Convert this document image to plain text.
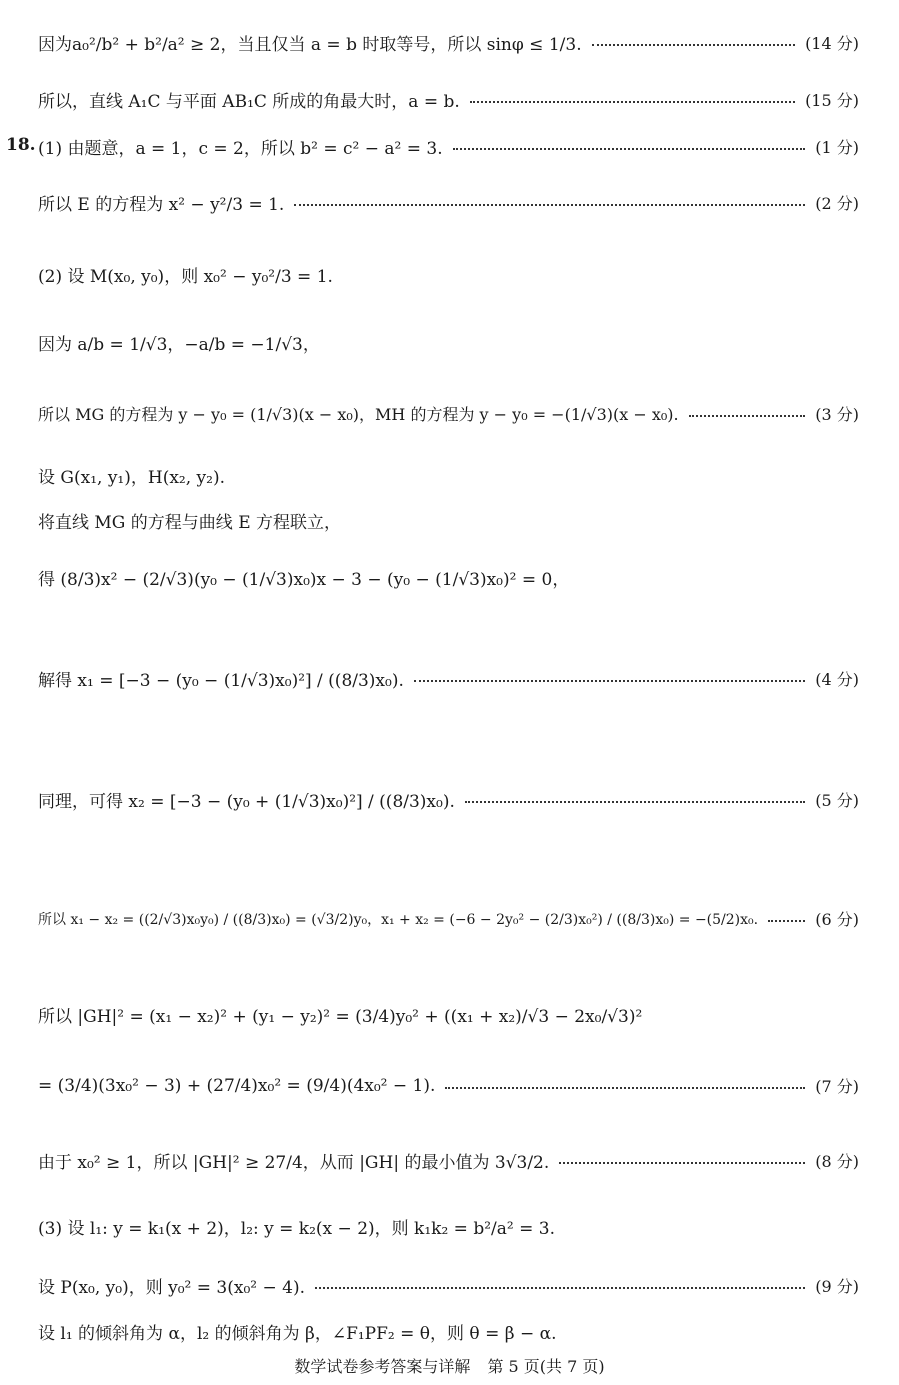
因为a₀²/b² + b²/a² ≥ 2，当且仅当 a = b 时取等号，所以 sinφ ≤ 1/3.	(14 分)
所以，直线 A₁C 与平面 AB₁C 所成的角最大时，a = b.	(15 分)
18. (1) 由题意，a = 1，c = 2，所以 b² = c² − a² = 3.	(1 分)
所以 E 的方程为 x² − y²/3 = 1.	(2 分)
(2) 设 M(x₀, y₀)，则 x₀² − y₀²/3 = 1.
因为 a/b = 1/√3，−a/b = −1/√3，
所以 MG 的方程为 y − y₀ = (1/√3)(x − x₀)，MH 的方程为 y − y₀ = −(1/√3)(x − x₀).	(3 分)
设 G(x₁, y₁)，H(x₂, y₂).
将直线 MG 的方程与曲线 E 方程联立，
得 (8/3)x² − (2/√3)(y₀ − (1/√3)x₀)x − 3 − (y₀ − (1/√3)x₀)² = 0，
解得 x₁ = [−3 − (y₀ − (1/√3)x₀)²] / ((8/3)x₀).	(4 分)
同理，可得 x₂ = [−3 − (y₀ + (1/√3)x₀)²] / ((8/3)x₀).	(5 分)
所以 x₁ − x₂ = ((2/√3)x₀y₀) / ((8/3)x₀) = (√3/2)y₀，x₁ + x₂ = (−6 − 2y₀² − (2/3)x₀²) / ((8/3)x₀) = −(5/2)x₀.	(6 分)
所以 |GH|² = (x₁ − x₂)² + (y₁ − y₂)² = (3/4)y₀² + ((x₁ + x₂)/√3 − 2x₀/√3)²
= (3/4)(3x₀² − 3) + (27/4)x₀² = (9/4)(4x₀² − 1).	(7 分)
由于 x₀² ≥ 1，所以 |GH|² ≥ 27/4，从而 |GH| 的最小值为 3√3/2.	(8 分)
(3) 设 l₁: y = k₁(x + 2)，l₂: y = k₂(x − 2)，则 k₁k₂ = b²/a² = 3.
设 P(x₀, y₀)，则 y₀² = 3(x₀² − 4).	(9 分)
设 l₁ 的倾斜角为 α，l₂ 的倾斜角为 β，∠F₁PF₂ = θ，则 θ = β − α.
数学试卷参考答案与详解 第 5 页(共 7 页)
